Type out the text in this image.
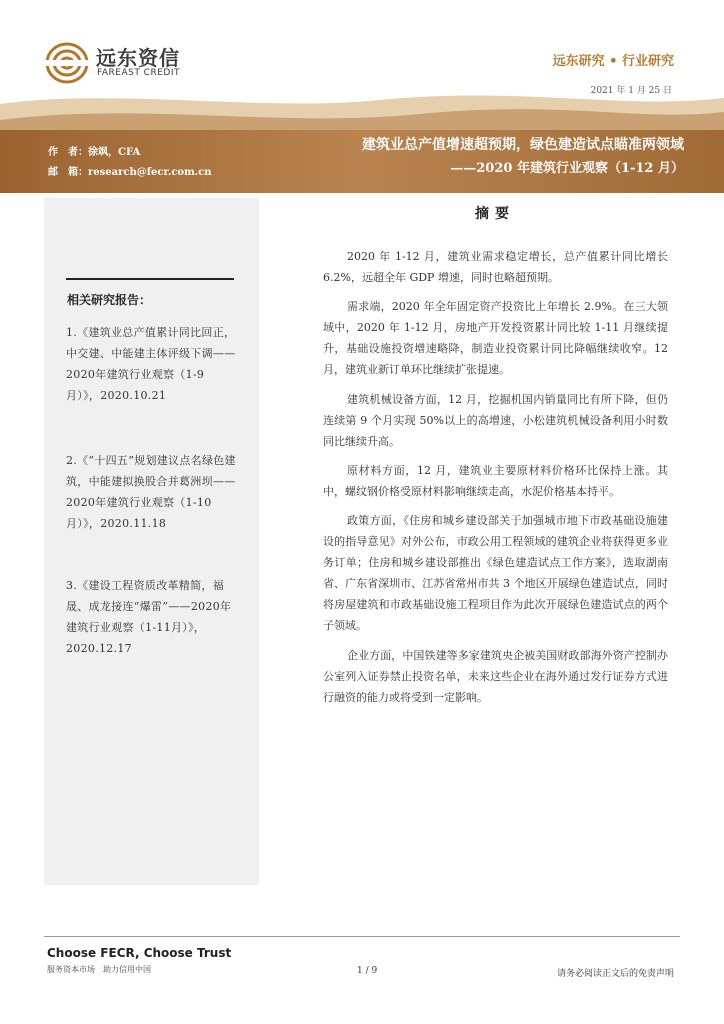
远东资信
FAREAST CREDIT
远东研究 • 行业研究
2021 年 1 月 25 日
作　者：徐飒，CFA
邮　箱：research@fecr.com.cn
建筑业总产值增速超预期，绿色建造试点瞄准两领域
——2020 年建筑行业观察（1-12 月）
相关研究报告：
1.《建筑业总产值累计同比回正，中交建、中能建主体评级下调——2020年建筑行业观察（1-9月）》，2020.10.21
2.《“十四五”规划建议点名绿色建筑，中能建拟换股合并葛洲坝——2020年建筑行业观察（1-10月）》，2020.11.18
3.《建设工程资质改革精简，福晟、成龙接连“爆雷”——2020年建筑行业观察（1-11月）》，2020.12.17
摘要
2020 年 1-12 月，建筑业需求稳定增长，总产值累计同比增长 6.2%，远超全年 GDP 增速，同时也略超预期。
需求端，2020 年全年固定资产投资比上年增长 2.9%。在三大领域中，2020 年 1-12 月，房地产开发投资累计同比较 1-11 月继续提升，基础设施投资增速略降，制造业投资累计同比降幅继续收窄。12 月，建筑业新订单环比继续扩张提速。
建筑机械设备方面，12 月，挖掘机国内销量同比有所下降，但仍连续第 9 个月实现 50%以上的高增速，小松建筑机械设备利用小时数同比继续升高。
原材料方面，12 月，建筑业主要原材料价格环比保持上涨。其中，螺纹钢价格受原材料影响继续走高，水泥价格基本持平。
政策方面，《住房和城乡建设部关于加强城市地下市政基础设施建设的指导意见》对外公布，市政公用工程领域的建筑企业将获得更多业务订单；住房和城乡建设部推出《绿色建造试点工作方案》，选取湖南省、广东省深圳市、江苏省常州市共 3 个地区开展绿色建造试点，同时将房屋建筑和市政基础设施工程项目作为此次开展绿色建造试点的两个子领域。
企业方面，中国铁建等多家建筑央企被美国财政部海外资产控制办公室列入证券禁止投资名单，未来这些企业在海外通过发行证券方式进行融资的能力或将受到一定影响。
Choose FECR, Choose Trust
服务资本市场　助力信用中国	1 / 9	请务必阅读正文后的免责声明
